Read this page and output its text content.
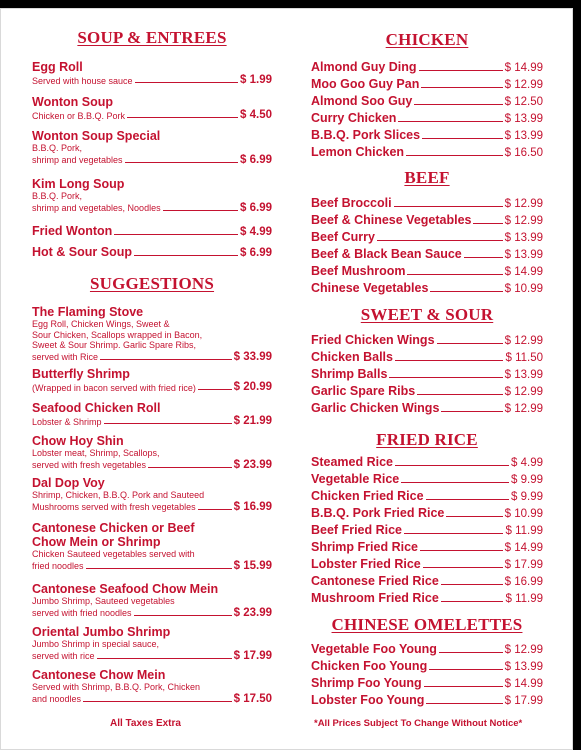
SOUP & ENTREES
Egg Roll
Served with house sauce	$ 1.99
Wonton Soup
Chicken or B.B.Q. Pork	$ 4.50
Wonton Soup Special
B.B.Q. Pork,
shrimp and vegetables	$ 6.99
Kim Long Soup
B.B.Q. Pork,
shrimp and vegetables, Noodles	$ 6.99
Fried Wonton	$ 4.99
Hot & Sour Soup	$ 6.99
SUGGESTIONS
The Flaming Stove
Egg Roll, Chicken Wings, Sweet &
Sour Chicken, Scallops wrapped in Bacon,
Sweet & Sour Shrimp. Garlic Spare Ribs,
served with Rice	$ 33.99
Butterfly Shrimp
(Wrapped in bacon served with fried rice)	$ 20.99
Seafood Chicken Roll
Lobster & Shrimp	$ 21.99
Chow Hoy Shin
Lobster meat, Shrimp, Scallops,
served with fresh vegetables	$ 23.99
Dal Dop Voy
Shrimp, Chicken, B.B.Q. Pork and Sauteed
Mushrooms served with fresh vegetables	$ 16.99
Cantonese Chicken or Beef
Chow Mein or Shrimp
Chicken Sauteed vegetables served with
fried noodles	$ 15.99
Cantonese Seafood Chow Mein
Jumbo Shrimp, Sauteed vegetables
served with fried noodles	$ 23.99
Oriental Jumbo Shrimp
Jumbo Shrimp in special sauce,
served with rice	$ 17.99
Cantonese Chow Mein
Served with Shrimp, B.B.Q. Pork, Chicken
and noodles	$ 17.50
All Taxes Extra
CHICKEN
Almond Guy Ding	$ 14.99
Moo Goo Guy Pan	$ 12.99
Almond Soo Guy	$ 12.50
Curry Chicken	$ 13.99
B.B.Q. Pork Slices	$ 13.99
Lemon Chicken	$ 16.50
BEEF
Beef Broccoli	$ 12.99
Beef & Chinese Vegetables	$ 12.99
Beef Curry	$ 13.99
Beef & Black Bean Sauce	$ 13.99
Beef Mushroom	$ 14.99
Chinese Vegetables	$ 10.99
SWEET & SOUR
Fried Chicken Wings	$ 12.99
Chicken Balls	$ 11.50
Shrimp Balls	$ 13.99
Garlic Spare Ribs	$ 12.99
Garlic Chicken Wings	$ 12.99
FRIED RICE
Steamed Rice	$ 4.99
Vegetable Rice	$ 9.99
Chicken Fried Rice	$ 9.99
B.B.Q. Pork Fried Rice	$ 10.99
Beef Fried Rice	$ 11.99
Shrimp Fried Rice	$ 14.99
Lobster Fried Rice	$ 17.99
Cantonese Fried Rice	$ 16.99
Mushroom Fried Rice	$ 11.99
CHINESE OMELETTES
Vegetable Foo Young	$ 12.99
Chicken Foo Young	$ 13.99
Shrimp Foo Young	$ 14.99
Lobster Foo Young	$ 17.99
*All Prices Subject To Change Without Notice*
